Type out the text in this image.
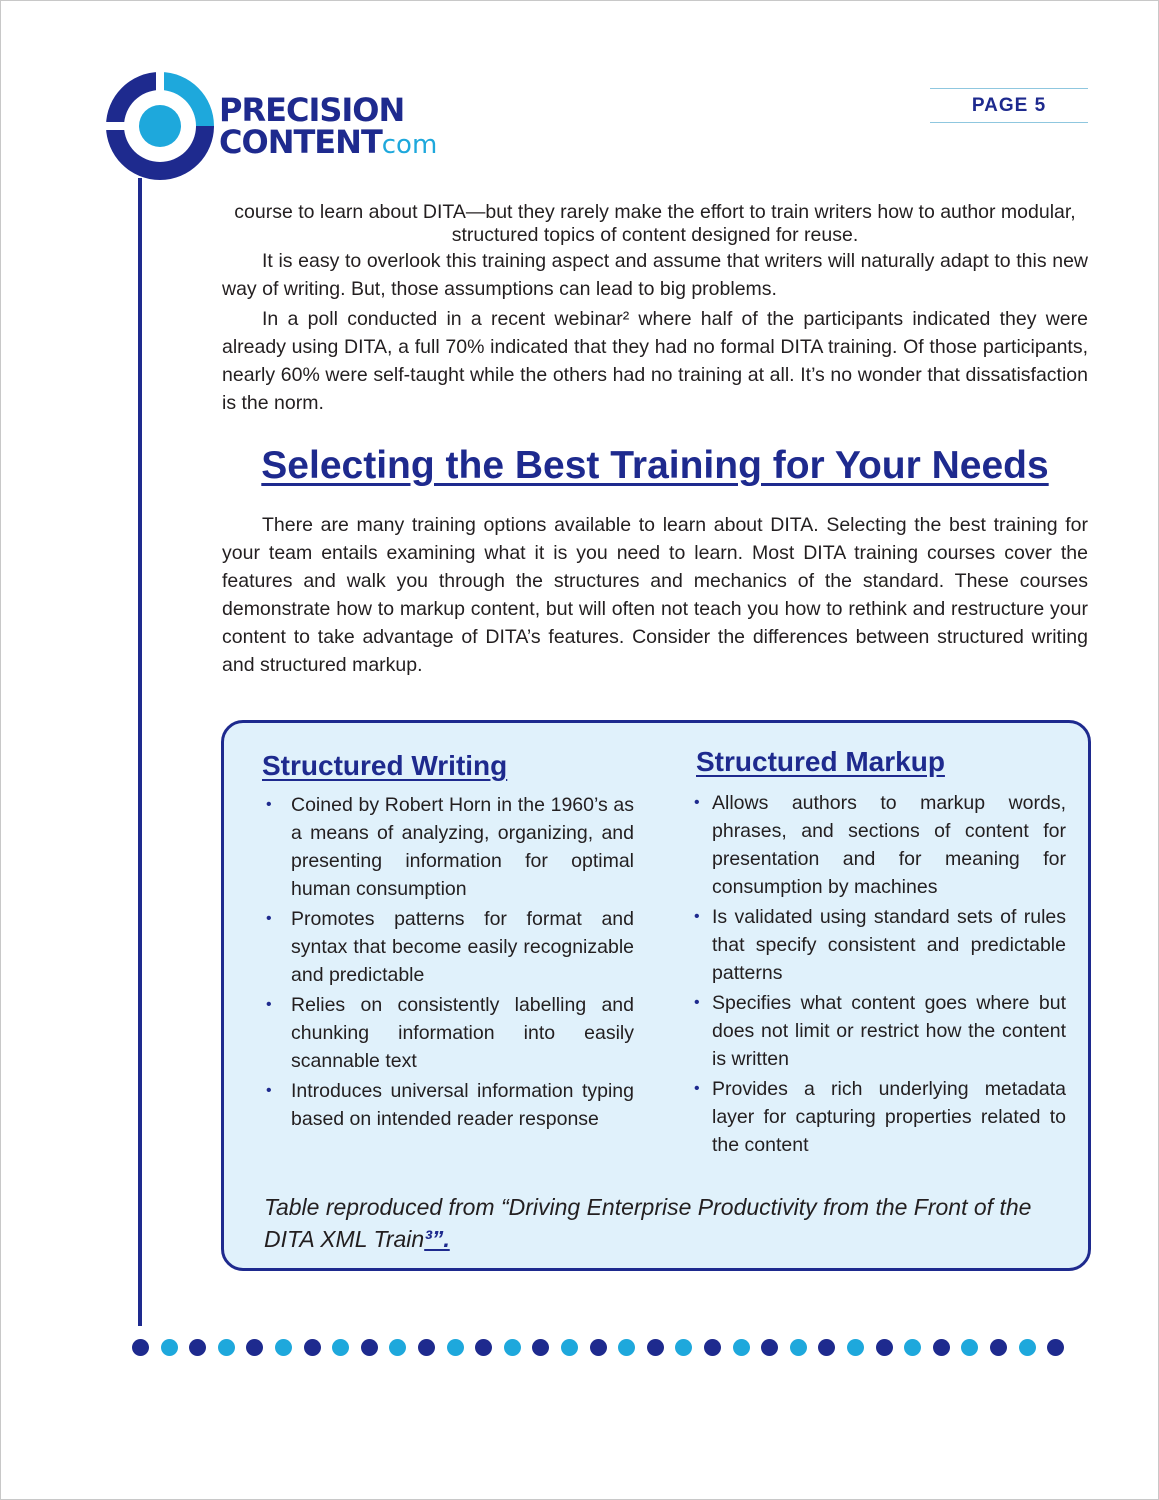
PRECISION
CONTENTcom
PAGE 5
course to learn about DITA—but they rarely make the effort to train writers how to author modular, structured topics of content designed for reuse.

It is easy to overlook this training aspect and assume that writers will naturally adapt to this new way of writing. But, those assumptions can lead to big problems.

In a poll conducted in a recent webinar² where half of the participants indicated they were already using DITA, a full 70% indicated that they had no formal DITA training. Of those participants, nearly 60% were self-taught while the others had no training at all. It’s no wonder that dissatisfaction is the norm.

Selecting the Best Training for Your Needs

There are many training options available to learn about DITA. Selecting the best training for your team entails examining what it is you need to learn. Most DITA training courses cover the features and walk you through the structures and mechanics of the standard. These courses demonstrate how to markup content, but will often not teach you how to rethink and restructure your content to take advantage of DITA’s features. Consider the differences between structured writing and structured markup.

Structured Writing	Structured Markup
• Coined by Robert Horn in the 1960’s as a means of analyzing, organizing, and presenting information for optimal human consumption
• Promotes patterns for format and syntax that become easily recognizable and predictable
• Relies on consistently labelling and chunking information into easily scannable text
• Introduces universal information typing based on intended reader response
• Allows authors to markup words, phrases, and sections of content for presentation and for meaning for consumption by machines
• Is validated using standard sets of rules that specify consistent and predictable patterns
• Specifies what content goes where but does not limit or restrict how the content is written
• Provides a rich underlying metadata layer for capturing properties related to the content
Table reproduced from “Driving Enterprise Productivity from the Front of the DITA XML Train³”.
